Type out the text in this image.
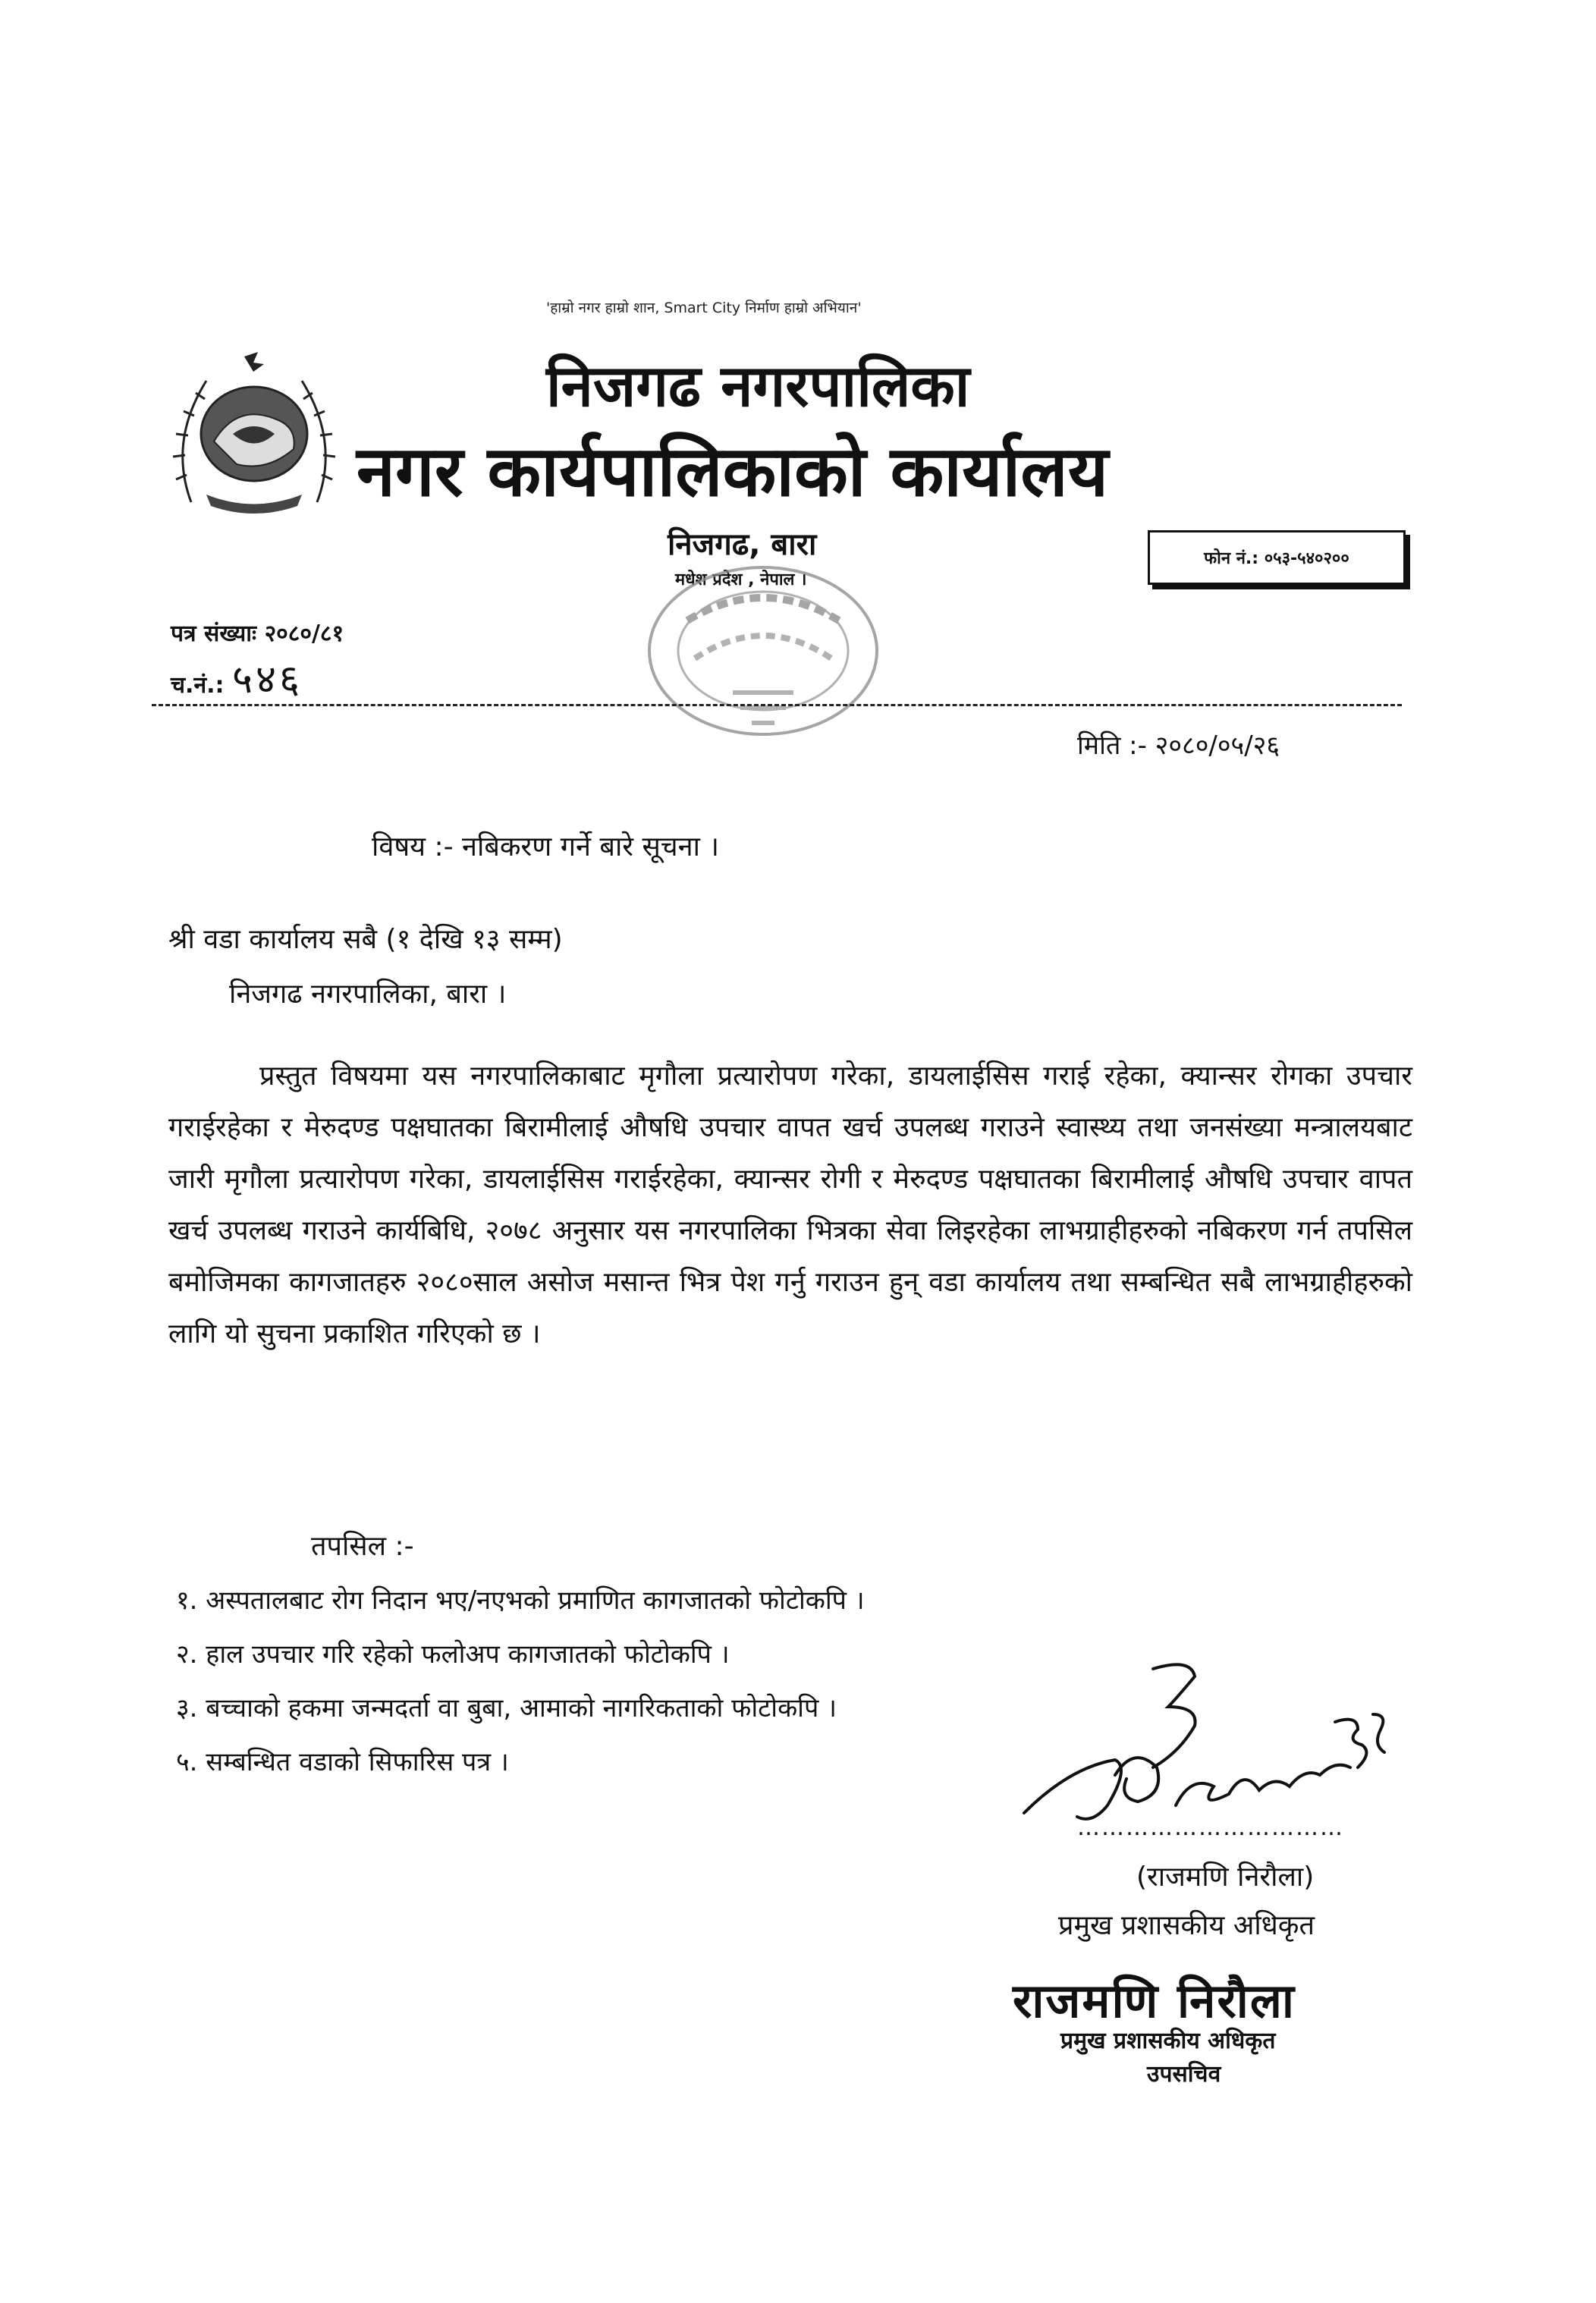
'हाम्रो नगर हाम्रो शान, Smart City निर्माण हाम्रो अभियान'
निजगढ नगरपालिका
नगर कार्यपालिकाको कार्यालय
निजगढ, बारा
मधेश प्रदेश , नेपाल ।
फोन नं.: ०५३-५४०२००
पत्र संख्याः २०८०/८१
च.नं.: ५४६
मिति :- २०८०/०५/२६
विषय :- नबिकरण गर्ने बारे सूचना ।
श्री वडा कार्यालय सबै (१ देखि १३ सम्म)
निजगढ नगरपालिका, बारा ।
प्रस्तुत विषयमा यस नगरपालिकाबाट मृगौला प्रत्यारोपण गरेका, डायलाईसिस गराई रहेका, क्यान्सर रोगका उपचार गराईरहेका र मेरुदण्ड पक्षघातका बिरामीलाई औषधि उपचार वापत खर्च उपलब्ध गराउने स्वास्थ्य तथा जनसंख्या मन्त्रालयबाट जारी मृगौला प्रत्यारोपण गरेका, डायलाईसिस गराईरहेका, क्यान्सर रोगी र मेरुदण्ड पक्षघातका बिरामीलाई औषधि उपचार वापत खर्च उपलब्ध गराउने कार्यबिधि, २०७८ अनुसार यस नगरपालिका भित्रका सेवा लिइरहेका लाभग्राहीहरुको नबिकरण गर्न तपसिल बमोजिमका कागजातहरु २०८०साल असोज मसान्त भित्र पेश गर्नु गराउन हुन् वडा कार्यालय तथा सम्बन्धित सबै लाभग्राहीहरुको लागि यो सुचना प्रकाशित गरिएको छ ।
तपसिल :-
१. अस्पतालबाट रोग निदान भए/नएभको प्रमाणित कागजातको फोटोकपि ।
२. हाल उपचार गरि रहेको फलोअप कागजातको फोटोकपि ।
३. बच्चाको हकमा जन्मदर्ता वा बुबा, आमाको नागरिकताको फोटोकपि ।
५. सम्बन्धित वडाको सिफारिस पत्र ।
……………………………
(राजमणि निरौला)
प्रमुख प्रशासकीय अधिकृत
राजमणि निरौला
प्रमुख प्रशासकीय अधिकृत
उपसचिव
